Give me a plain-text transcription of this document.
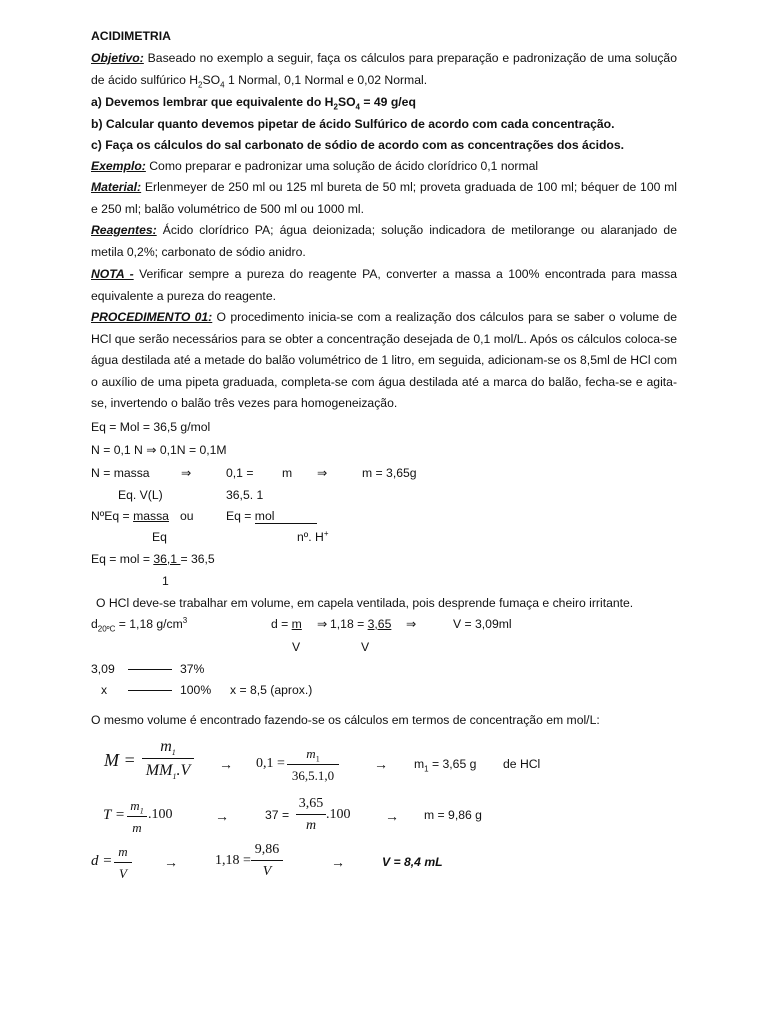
ACIDIMETRIA
Objetivo: Baseado no exemplo a seguir, faça os cálculos para preparação e padronização de uma solução de ácido sulfúrico $H_2SO_4$ 1 Normal, 0,1 Normal e 0,02 Normal.
a) Devemos lembrar que equivalente do $H_2SO_4 = 49$ g/eq
b) Calcular quanto devemos pipetar de ácido Sulfúrico de acordo com cada concentração.
c) Faça os cálculos do sal carbonato de sódio de acordo com as concentrações dos ácidos.
Exemplo: Como preparar e padronizar uma solução de ácido clorídrico 0,1 normal
Material: Erlenmeyer de 250 ml ou 125 ml bureta de 50 ml; proveta graduada de 100 ml; béquer de 100 ml e 250 ml; balão volumétrico de 500 ml ou 1000 ml.
Reagentes: Ácido clorídrico PA; água deionizada; solução indicadora de metilorange ou alaranjado de metila 0,2%; carbonato de sódio anidro.
NOTA - Verificar sempre a pureza do reagente PA, converter a massa a 100% encontrada para massa equivalente a pureza do reagente.
PROCEDIMENTO 01: O procedimento inicia-se com a realização dos cálculos para se saber o volume de HCl que serão necessários para se obter a concentração desejada de 0,1 mol/L. Após os cálculos coloca-se água destilada até a metade do balão volumétrico de 1 litro, em seguida, adicionam-se os 8,5ml de HCl com o auxílio de uma pipeta graduada, completa-se com água destilada até a marca do balão, fecha-se e agita-se, invertendo o balão três vezes para homogeneização.
Eq = Mol = 36,5 g/mol
N = 0,1 N ⇒ 0,1N = 0,1M
N = massa	⇒	0,1 = m ⇒	m = 3,65g
Eq. V(L)	36,5. 1
NºEq = massa ou	Eq = mol
Eq	nº. H+
Eq = mol = 36,1 = 36,5
1
O HCl deve-se trabalhar em volume, em capela ventilada, pois desprende fumaça e cheiro irritante.
$d_{20ºC} = 1,18$ $g/cm^3$	d = m ⇒ 1,18 = 3,65 ⇒	V = 3,09ml
V	V
3,09	37%
x	100% x = 8,5 (aprox.)
O mesmo volume é encontrado fazendo-se os cálculos em termos de concentração em mol/L:
M =
$m_1$
$MM_1.V \to 0,1$ =
$m_1$
36,5.1,0
→ $m_1 = 3,65$ g de HCl
T =
$m_1$
m
.100	→	37 =
3,65
m
.100 → m = 9,86 g
d =
m
V
→	1,18 =
9,86
V
→	V = 8,4 mL
